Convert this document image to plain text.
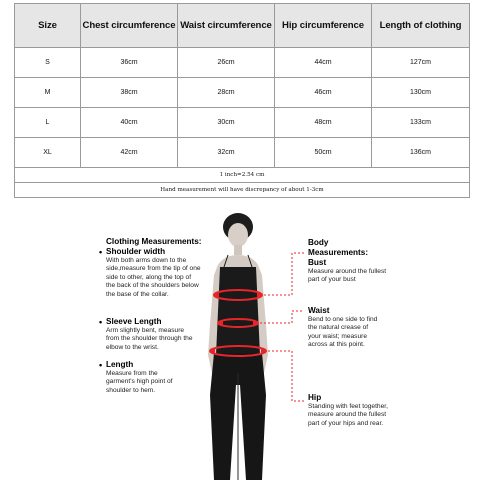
Size	Chest circumference	Waist circumference	Hip circumference	Length of clothing
S	36cm	26cm	44cm	127cm
M	38cm	28cm	46cm	130cm
L	40cm	30cm	48cm	133cm
XL	42cm	32cm	50cm	136cm
1 inch=2.54 cm				
Hand measurement will have discrepancy of about 1-3cm				
Clothing Measurements:
• Shoulder width
With both arms down to the side,measure from the tip of one side to other, along the top of the back of the shoulders below the base of the collar.
• Sleeve Length
Arm slightly bent, measure from the shoulder through the elbow to the wrist.
• Length
Measure from the garment's high point of shoulder to hem.
Body Measurements:
Bust
Measure around the fullest part of your bust
Waist
Bend to one side to find the natural crease of your waist; measure across at this point.
Hip
Standing with feet together, measure around the fullest part of your hips and rear.
